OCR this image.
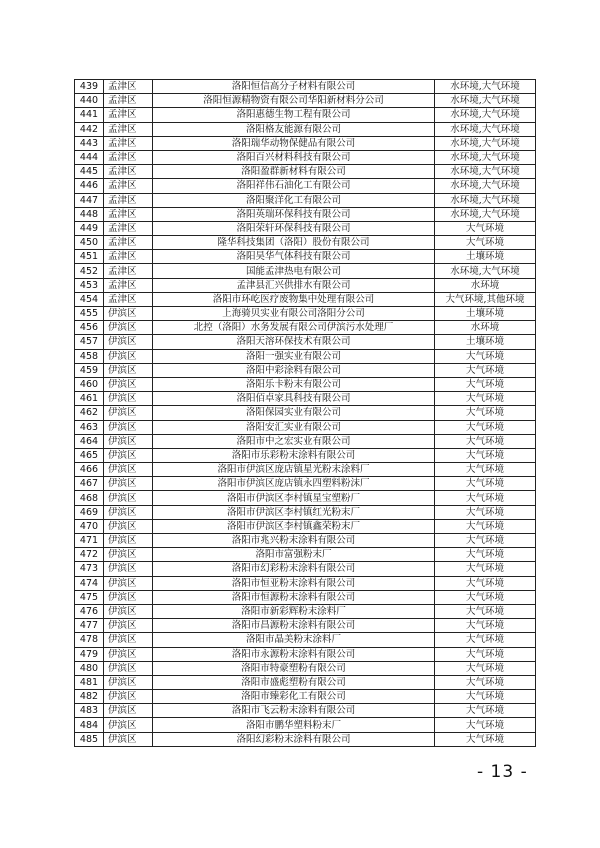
439	孟津区	洛阳恒信高分子材料有限公司	水环境,大气环境
440	孟津区	洛阳恒源精物资有限公司华阳新材料分公司	水环境,大气环境
441	孟津区	洛阳惠德生物工程有限公司	水环境,大气环境
442	孟津区	洛阳格友能源有限公司	水环境,大气环境
443	孟津区	洛阳瑞华动物保健品有限公司	水环境,大气环境
444	孟津区	洛阳百兴材料科技有限公司	水环境,大气环境
445	孟津区	洛阳盈群新材料有限公司	水环境,大气环境
446	孟津区	洛阳祥伟石油化工有限公司	水环境,大气环境
447	孟津区	洛阳聚洋化工有限公司	水环境,大气环境
448	孟津区	洛阳英瑞环保科技有限公司	水环境,大气环境
449	孟津区	洛阳荣轩环保科技有限公司	大气环境
450	孟津区	隆华科技集团（洛阳）股份有限公司	大气环境
451	孟津区	洛阳昊华气体科技有限公司	土壤环境
452	孟津区	国能孟津热电有限公司	水环境,大气环境
453	孟津区	孟津县汇兴供排水有限公司	水环境
454	孟津区	洛阳市环屹医疗废物集中处理有限公司	大气环境,其他环境
455	伊滨区	上海骑贝实业有限公司洛阳分公司	土壤环境
456	伊滨区	北控（洛阳）水务发展有限公司伊滨污水处理厂	水环境
457	伊滨区	洛阳天溶环保技术有限公司	土壤环境
458	伊滨区	洛阳一强实业有限公司	大气环境
459	伊滨区	洛阳中彩涂料有限公司	大气环境
460	伊滨区	洛阳乐卡粉末有限公司	大气环境
461	伊滨区	洛阳佰卓家具科技有限公司	大气环境
462	伊滨区	洛阳保园实业有限公司	大气环境
463	伊滨区	洛阳安汇实业有限公司	大气环境
464	伊滨区	洛阳市中之宏实业有限公司	大气环境
465	伊滨区	洛阳市乐彩粉末涂料有限公司	大气环境
466	伊滨区	洛阳市伊滨区庞店镇星光粉末涂料厂	大气环境
467	伊滨区	洛阳市伊滨区庞店镇永四塑料粉沫厂	大气环境
468	伊滨区	洛阳市伊滨区李村镇星宝塑粉厂	大气环境
469	伊滨区	洛阳市伊滨区李村镇红光粉末厂	大气环境
470	伊滨区	洛阳市伊滨区李村镇鑫荣粉末厂	大气环境
471	伊滨区	洛阳市兆兴粉末涂料有限公司	大气环境
472	伊滨区	洛阳市富强粉末厂	大气环境
473	伊滨区	洛阳市幻彩粉末涂料有限公司	大气环境
474	伊滨区	洛阳市恒亚粉末涂料有限公司	大气环境
475	伊滨区	洛阳市恒源粉末涂料有限公司	大气环境
476	伊滨区	洛阳市新彩辉粉末涂料厂	大气环境
477	伊滨区	洛阳市昌源粉末涂料有限公司	大气环境
478	伊滨区	洛阳市晶美粉末涂料厂	大气环境
479	伊滨区	洛阳市永源粉末涂料有限公司	大气环境
480	伊滨区	洛阳市特豪塑粉有限公司	大气环境
481	伊滨区	洛阳市盛彪塑粉有限公司	大气环境
482	伊滨区	洛阳市臻彩化工有限公司	大气环境
483	伊滨区	洛阳市飞云粉末涂料有限公司	大气环境
484	伊滨区	洛阳市鹏华塑料粉末厂	大气环境
485	伊滨区	洛阳幻彩粉末涂料有限公司	大气环境
- 13 -
